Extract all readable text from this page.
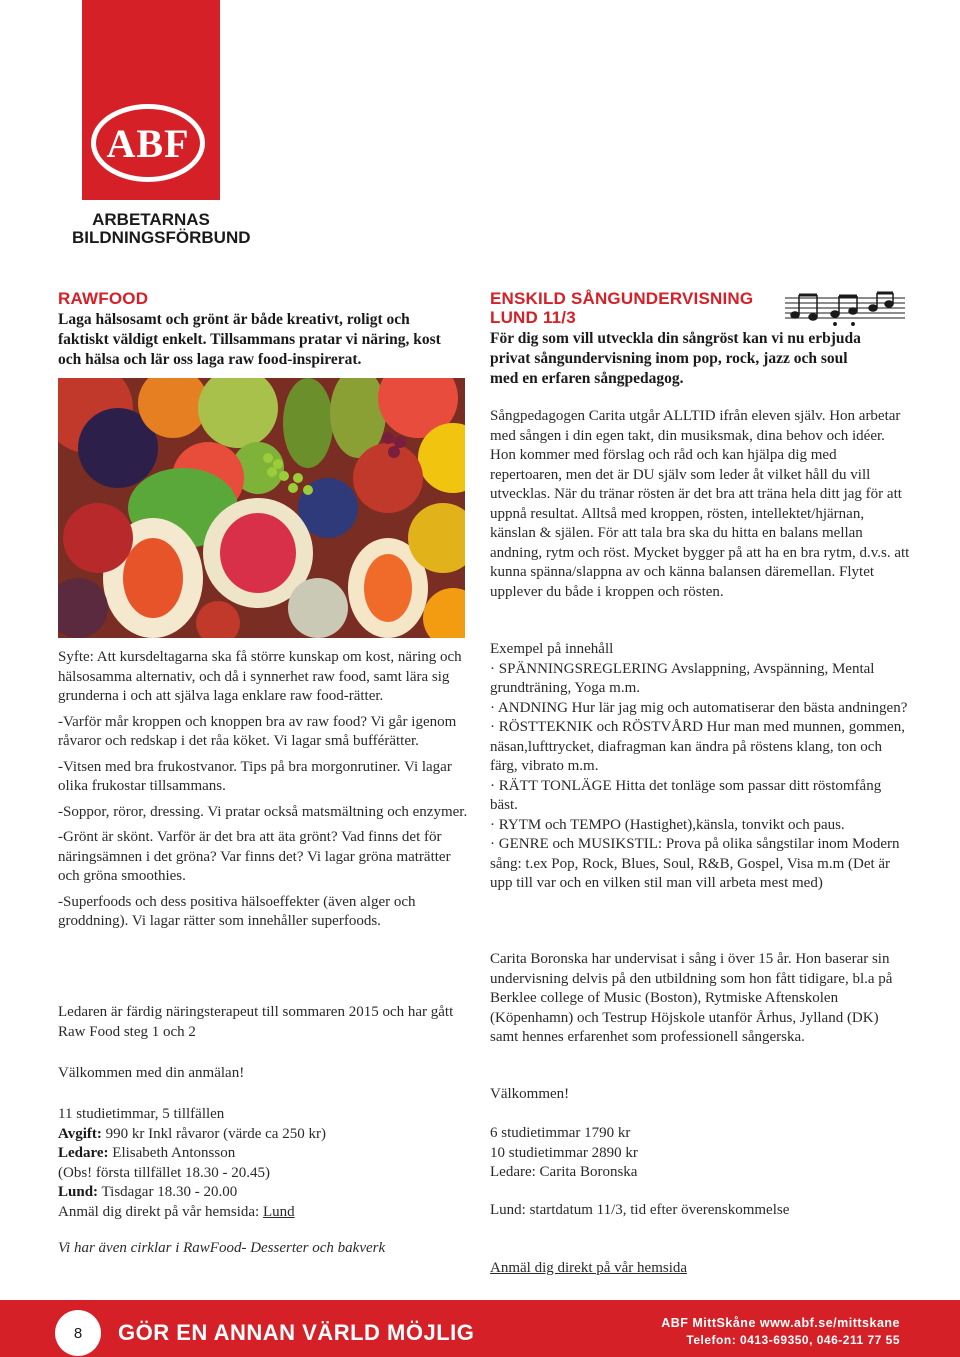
ABF
ARBETARNAS
BILDNINGSFÖRBUND
RAWFOOD
Laga hälsosamt och grönt är både kreativt, roligt och faktiskt väldigt enkelt. Tillsammans pratar vi näring, kost och hälsa och lär oss laga raw food-inspirerat.

Syfte: Att kursdeltagarna ska få större kunskap om kost, näring och hälsosamma alternativ, och då i synnerhet raw food, samt lära sig grunderna i och att själva laga enklare raw food-rätter.

-Varför mår kroppen och knoppen bra av raw food? Vi går igenom råvaror och redskap i det råa köket. Vi lagar små bufférätter.

-Vitsen med bra frukostvanor. Tips på bra morgonrutiner. Vi lagar olika frukostar tillsammans.

-Soppor, röror, dressing. Vi pratar också matsmältning och enzymer.

-Grönt är skönt. Varför är det bra att äta grönt? Vad finns det för näringsämnen i det gröna? Var finns det? Vi lagar gröna maträtter och gröna smoothies.

-Superfoods och dess positiva hälsoeffekter (även alger och groddning). Vi lagar rätter som innehåller superfoods.

Ledaren är färdig näringsterapeut till sommaren 2015 och har gått Raw Food steg 1 och 2
Välkommen med din anmälan!
11 studietimmar, 5 tillfällen
Avgift: 990 kr Inkl råvaror (värde ca 250 kr)
Ledare: Elisabeth Antonsson
(Obs! första tillfället 18.30 - 20.45)
Lund: Tisdagar 18.30 - 20.00
Anmäl dig direkt på vår hemsida: Lund
Vi har även cirklar i RawFood- Desserter och bakverk
ENSKILD SÅNGUNDERVISNING
LUND 11/3
För dig som vill utveckla din sångröst kan vi nu erbjuda privat sångundervisning inom pop, rock, jazz och soul med en erfaren sångpedagog.
Sångpedagogen Carita utgår ALLTID ifrån eleven själv. Hon arbetar med sången i din egen takt, din musiksmak, dina behov och idéer. Hon kommer med förslag och råd och kan hjälpa dig med repertoaren, men det är DU själv som leder åt vilket håll du vill utvecklas. När du tränar rösten är det bra att träna hela ditt jag för att uppnå resultat. Alltså med kroppen, rösten, intellektet/hjärnan, känslan & själen. För att tala bra ska du hitta en balans mellan andning, rytm och röst. Mycket bygger på att ha en bra rytm, d.v.s. att kunna spänna/slappna av och känna balansen däremellan. Flytet upplever du både i kroppen och rösten.

Exempel på innehåll

· SPÄNNINGSREGLERING Avslappning, Avspänning, Mental grundträning, Yoga m.m.

· ANDNING Hur lär jag mig och automatiserar den bästa andningen?

· RÖSTTEKNIK och RÖSTVÅRD Hur man med munnen, gommen, näsan,lufttrycket, diafragman kan ändra på röstens klang, ton och färg, vibrato m.m.

· RÄTT TONLÄGE Hitta det tonläge som passar ditt röstomfång bäst.

· RYTM och TEMPO (Hastighet),känsla, tonvikt och paus.

· GENRE och MUSIKSTIL: Prova på olika sångstilar inom Modern sång: t.ex Pop, Rock, Blues, Soul, R&B, Gospel, Visa m.m (Det är upp till var och en vilken stil man vill arbeta mest med)

Carita Boronska har undervisat i sång i över 15 år. Hon baserar sin undervisning delvis på den utbildning som hon fått tidigare, bl.a på Berklee college of Music (Boston), Rytmiske Aftenskolen (Köpenhamn) och Testrup Höjskole utanför Århus, Jylland (DK) samt hennes erfarenhet som professionell sångerska.
Välkommen!
6 studietimmar 1790 kr
10 studietimmar 2890 kr
Ledare: Carita Boronska
Lund: startdatum 11/3, tid efter överenskommelse
Anmäl dig direkt på vår hemsida
8	GÖR EN ANNAN VÄRLD MÖJLIG	ABF MittSkåne www.abf.se/mittskane
Telefon: 0413-69350, 046-211 77 55
